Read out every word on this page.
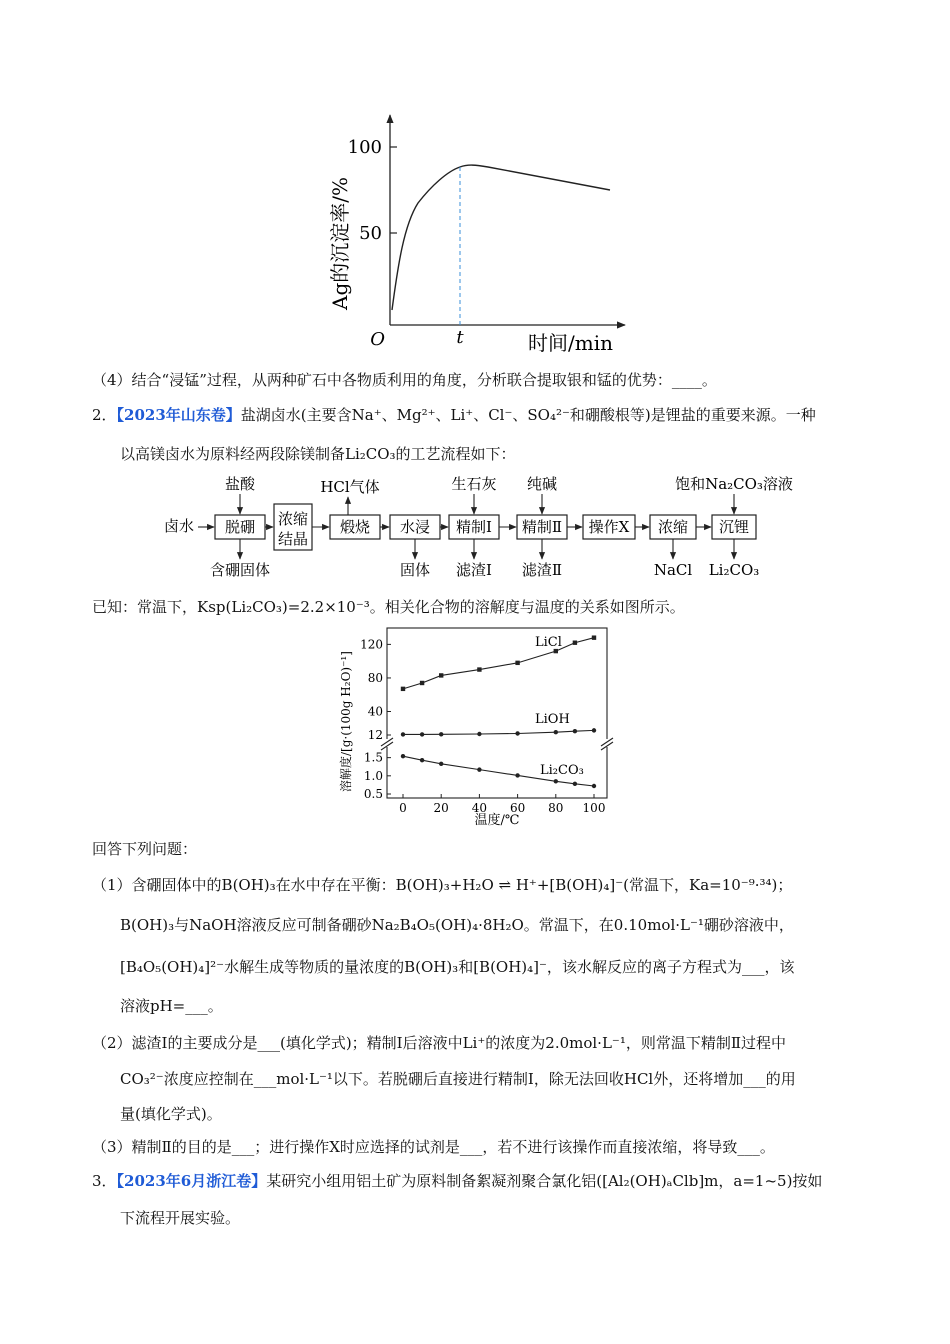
100
50
O	t	时间/min
Ag的沉淀率/%
（4）结合“浸锰”过程，从两种矿石中各物质利用的角度，分析联合提取银和锰的优势：____。
2．【2023年山东卷】盐湖卤水(主要含Na⁺、Mg²⁺、Li⁺、Cl⁻、SO₄²⁻和硼酸根等)是锂盐的重要来源。一种
以高镁卤水为原料经两段除镁制备Li₂CO₃的工艺流程如下：
卤水 脱硼 浓缩
结晶
煅烧 水浸 精制Ⅰ 精制Ⅱ 操作X 浓缩 沉锂
盐酸	HCl气体	生石灰 纯碱	饱和Na₂CO₃溶液
含硼固体	固体 滤渣Ⅰ 滤渣Ⅱ	NaCl Li₂CO₃
已知：常温下，Ksp(Li₂CO₃)=2.2×10⁻³。相关化合物的溶解度与温度的关系如图所示。
120
80
40
12
1.5
1.0
0.5
0 20 40 60 80 100
LiCl
LiOH
Li₂CO₃
温度/℃
溶解度/[g·(100g H₂O)⁻¹]
回答下列问题：
（1）含硼固体中的B(OH)₃在水中存在平衡：B(OH)₃+H₂O ⇌ H⁺+[B(OH)₄]⁻(常温下，Ka=10⁻⁹·³⁴)；
B(OH)₃与NaOH溶液反应可制备硼砂Na₂B₄O₅(OH)₄·8H₂O。常温下，在0.10mol·L⁻¹硼砂溶液中，
[B₄O₅(OH)₄]²⁻水解生成等物质的量浓度的B(OH)₃和[B(OH)₄]⁻，该水解反应的离子方程式为___，该
溶液pH=___。
（2）滤渣Ⅰ的主要成分是___(填化学式)；精制Ⅰ后溶液中Li⁺的浓度为2.0mol·L⁻¹，则常温下精制Ⅱ过程中
CO₃²⁻浓度应控制在___mol·L⁻¹以下。若脱硼后直接进行精制Ⅰ，除无法回收HCl外，还将增加___的用
量(填化学式)。
（3）精制Ⅱ的目的是___；进行操作X时应选择的试剂是___，若不进行该操作而直接浓缩，将导致___。
3．【2023年6月浙江卷】某研究小组用铝土矿为原料制备絮凝剂聚合氯化铝([Al₂(OH)ₐClb]m，a=1~5)按如
下流程开展实验。
